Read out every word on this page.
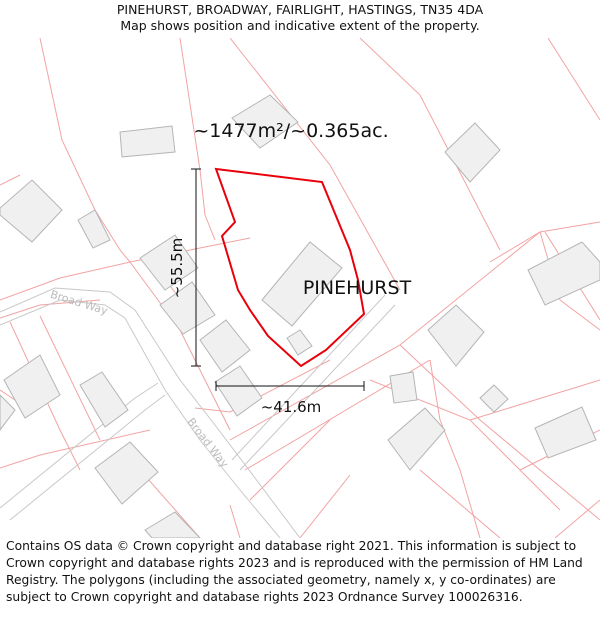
PINEHURST, BROADWAY, FAIRLIGHT, HASTINGS, TN35 4DA
Map shows position and indicative extent of the property.
Broad Way
Broad Way
~55.5m
~41.6m
~1477m²/~0.365ac.
PINEHURST
Contains OS data © Crown copyright and database right 2021. This information is subject to Crown copyright and database rights 2023 and is reproduced with the permission of HM Land Registry. The polygons (including the associated geometry, namely x, y co-ordinates) are subject to Crown copyright and database rights 2023 Ordnance Survey 100026316.
